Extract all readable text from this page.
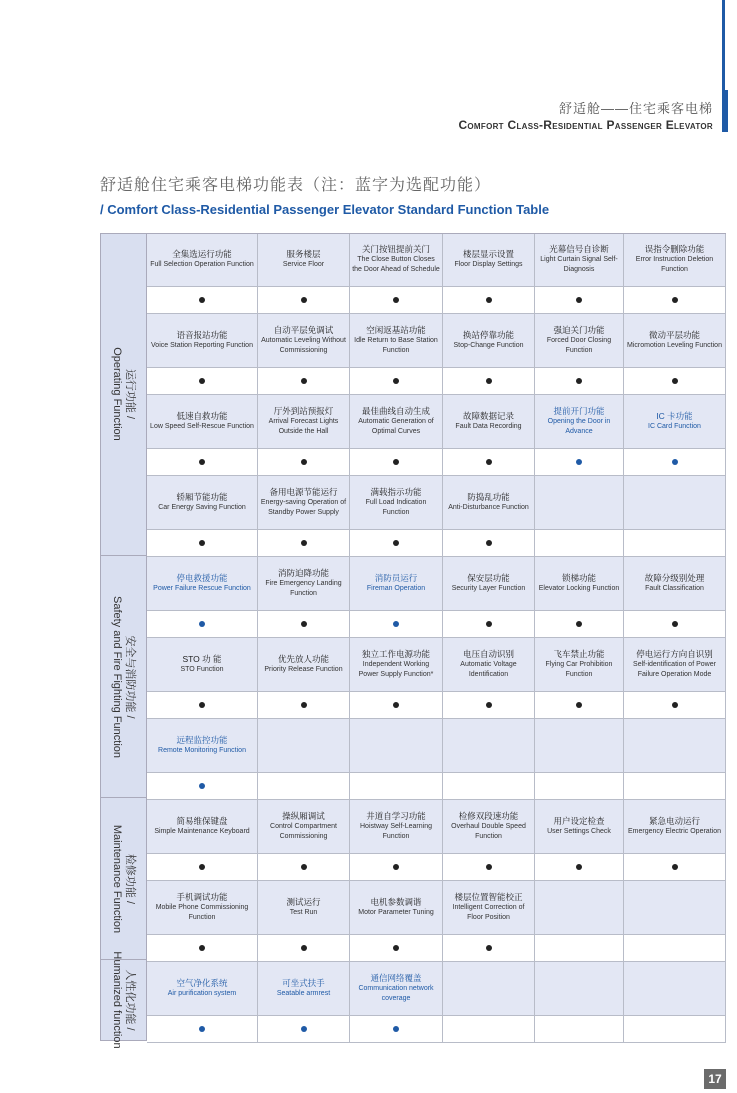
舒适舱——住宅乘客电梯
Comfort Class-Residential Passenger Elevator
舒适舱住宅乘客电梯功能表（注：蓝字为选配功能）
/ Comfort Class-Residential Passenger Elevator Standard Function Table
运行功能 /
Operating Function
安全与消防功能 /
Safety and Fire Fighting Function
检修功能 /
Maintenance Function
人性化功能 /
Humanized function
全集选运行功能
Full Selection Operation Function
服务楼层
Service Floor
关门按钮提前关门
The Close Button Closes the Door Ahead of Schedule
楼层显示设置
Floor Display Settings
光幕信号自诊断
Light Curtain Signal Self-Diagnosis
误指令删除功能
Error Instruction Deletion Function
语音报站功能
Voice Station Reporting Function
自动平层免调试
Automatic Leveling Without Commissioning
空闲返基站功能
Idle Return to Base Station Function
换站停靠功能
Stop-Change Function
强迫关门功能
Forced Door Closing Function
微动平层功能
Micromotion Leveling Function
低速自救功能
Low Speed Self-Rescue Function
厅外到站预报灯
Arrival Forecast Lights Outside the Hall
最佳曲线自动生成
Automatic Generation of Optimal Curves
故障数据记录
Fault Data Recording
提前开门功能
Opening the Door in Advance
IC 卡功能
IC Card Function
轿厢节能功能
Car Energy Saving Function
备用电源节能运行
Energy-saving Operation of Standby Power Supply
满载指示功能
Full Load Indication Function
防捣乱功能
Anti-Disturbance Function
停电救援功能
Power Failure Rescue Function
消防迫降功能
Fire Emergency Landing Function
消防员运行
Fireman Operation
保安层功能
Security Layer Function
锁梯功能
Elevator Locking Function
故障分级别处理
Fault Classification
STO 功 能
STO Function
优先放人功能
Priority Release Function
独立工作电源功能
Independent Working Power Supply Function*
电压自动识别
Automatic Voltage Identification
飞车禁止功能
Flying Car Prohibition Function
停电运行方向自识别
Self-identification of Power Failure Operation Mode
远程监控功能
Remote Monitoring Function
简易维保键盘
Simple Maintenance Keyboard
操纵厢调试
Control Compartment Commissioning
井道自学习功能
Hoistway Self-Learning Function
检修双段速功能
Overhaul Double Speed Function
用户设定检查
User Settings Check
紧急电动运行
Emergency Electric Operation
手机调试功能
Mobile Phone Commissioning Function
测试运行
Test Run
电机参数调谐
Motor Parameter Tuning
楼层位置智能校正
Intelligent Correction of Floor Position
空气净化系统
Air purification system
可坐式扶手
Seatable armrest
通信网络覆盖
Communication network coverage
17
